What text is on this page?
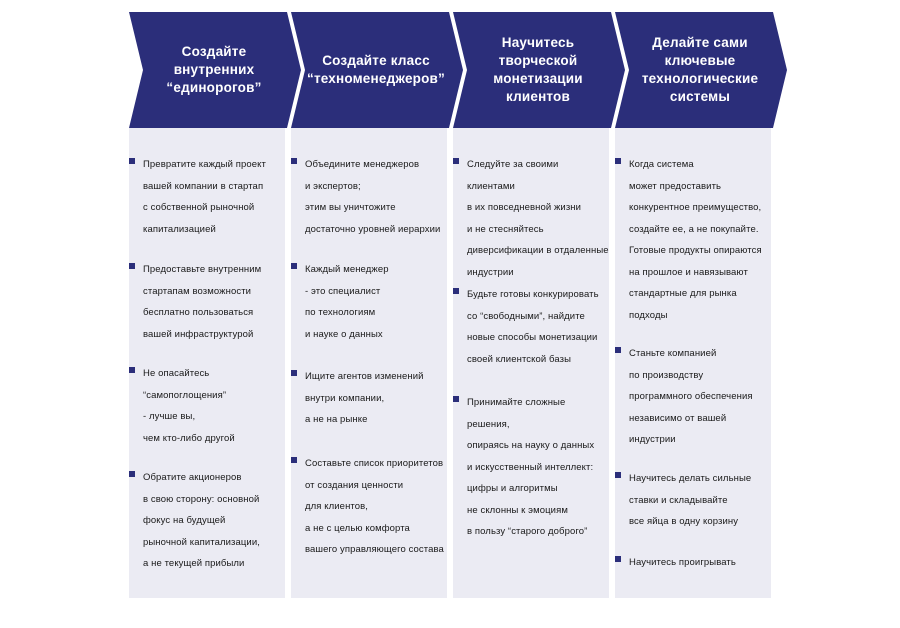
Создайте
внутренних
“единорогов”
Превратите каждый проект
вашей компании в стартап
с собственной рыночной
капитализацией
Предоставьте внутренним
стартапам возможности
бесплатно пользоваться
вашей инфраструктурой
Не опасайтесь
“самопоглощения”
- лучше вы,
чем кто-либо другой
Обратите акционеров
в свою сторону: основной
фокус на будущей
рыночной капитализации,
а не текущей прибыли
Создайте класс
“техноменеджеров”
Объедините менеджеров
и экспертов;
этим вы уничтожите
достаточно уровней иерархии
Каждый менеджер
- это специалист
по технологиям
и науке о данных
Ищите агентов изменений
внутри компании,
а не на рынке
Составьте список приоритетов
от создания ценности
для клиентов,
а не с целью комфорта
вашего управляющего состава
Научитесь
творческой
монетизации
клиентов
Следуйте за своими клиентами
в их повседневной жизни
и не стесняйтесь
диверсификации в отдаленные
индустрии
Будьте готовы конкурировать
со “свободными”, найдите
новые способы монетизации
своей клиентской базы
Принимайте сложные решения,
опираясь на науку о данных
и искусственный интеллект:
цифры и алгоритмы
не склонны к эмоциям
в пользу “старого доброго”
Делайте сами
ключевые
технологические
системы
Когда система
может предоставить
конкурентное преимущество,
создайте ее, а не покупайте.
Готовые продукты опираются
на прошлое и навязывают
стандартные для рынка
подходы
Станьте компанией
по производству
программного обеспечения
независимо от вашей
индустрии
Научитесь делать сильные
ставки и складывайте
все яйца в одну корзину
Научитесь проигрывать
